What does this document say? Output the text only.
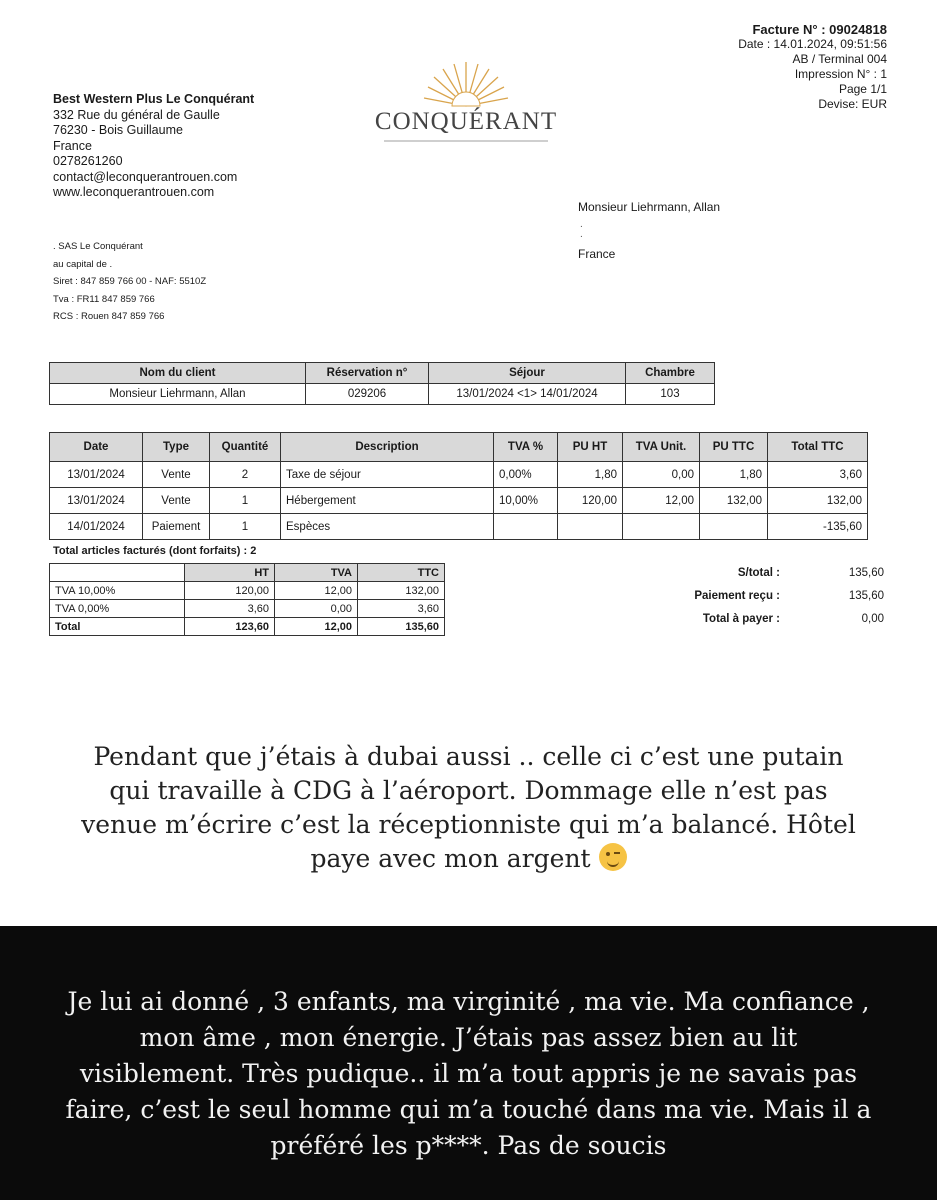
Facture N° : 09024818
Date : 14.01.2024, 09:51:56
AB / Terminal 004
Impression N° : 1
Page 1/1
Devise: EUR
Best Western Plus Le Conquérant
332 Rue du général de Gaulle
76230 - Bois Guillaume
France
0278261260
contact@leconquerantrouen.com
www.leconquerantrouen.com
CONQUÉRANT
. SAS Le Conquérant
au capital de .
Siret : 847 859 766 00 - NAF: 5510Z
Tva : FR11 847 859 766
RCS : Rouen 847 859 766
Monsieur Liehrmann, Allan
.
.
France
Nom du client	Réservation n°	Séjour	Chambre
Monsieur Liehrmann, Allan	029206	13/01/2024 <1> 14/01/2024	103
Date	Type	Quantité	Description	TVA %	PU HT	TVA Unit.	PU TTC	Total TTC
13/01/2024	Vente	2	Taxe de séjour	0,00%	1,80	0,00	1,80	3,60
13/01/2024	Vente	1	Hébergement	10,00%	120,00	12,00	132,00	132,00
14/01/2024	Paiement	1	Espèces					-135,60
Total articles facturés (dont forfaits) : 2
	HT	TVA	TTC
TVA 10,00%	120,00	12,00	132,00
TVA 0,00%	3,60	0,00	3,60
Total	123,60	12,00	135,60
S/total :	135,60
Paiement reçu :	135,60
Total à payer :	0,00
Pendant que j’étais à dubai aussi .. celle ci c’est une putain
qui travaille à CDG à l’aéroport. Dommage elle n’est pas
venue m’écrire c’est la réceptionniste qui m’a balancé. Hôtel
paye avec mon argent
Je lui ai donné , 3 enfants, ma virginité , ma vie. Ma confiance ,
mon âme , mon énergie. J’étais pas assez bien au lit
visiblement. Très pudique.. il m’a tout appris je ne savais pas
faire, c’est le seul homme qui m’a touché dans ma vie. Mais il a
préféré les p****. Pas de soucis
